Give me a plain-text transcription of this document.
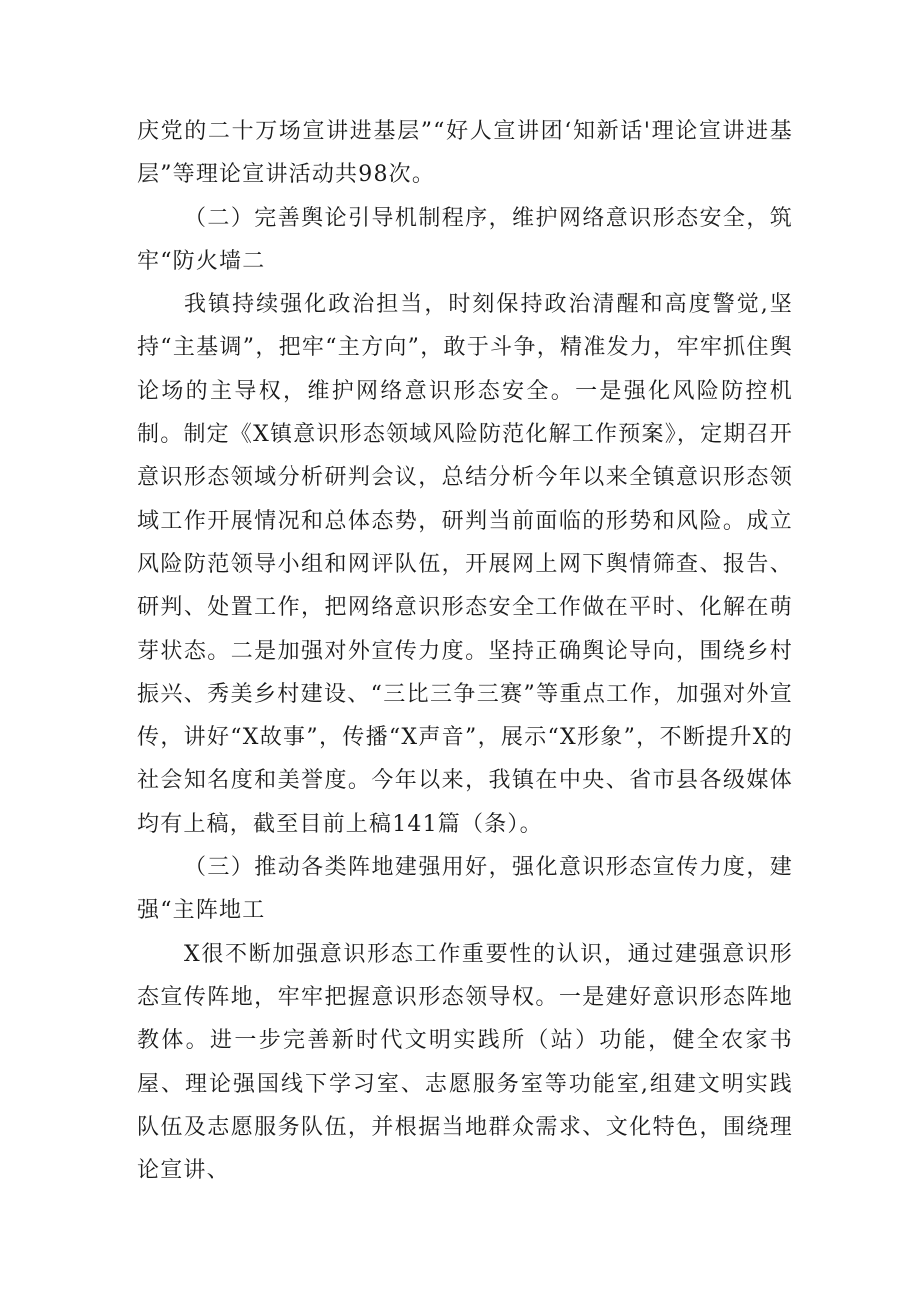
庆党的二十万场宣讲进基层”“好人宣讲团‘知新话'理论宣讲进基层”等理论宣讲活动共98次。

（二）完善舆论引导机制程序，维护网络意识形态安全，筑牢“防火墙二

我镇持续强化政治担当，时刻保持政治清醒和高度警觉,坚持“主基调”，把牢“主方向”，敢于斗争，精准发力，牢牢抓住舆论场的主导权，维护网络意识形态安全。一是强化风险防控机制。制定《X镇意识形态领域风险防范化解工作预案》，定期召开意识形态领域分析研判会议，总结分析今年以来全镇意识形态领域工作开展情况和总体态势，研判当前面临的形势和风险。成立风险防范领导小组和网评队伍，开展网上网下舆情筛查、报告、研判、处置工作，把网络意识形态安全工作做在平时、化解在萌芽状态。二是加强对外宣传力度。坚持正确舆论导向，围绕乡村振兴、秀美乡村建设、“三比三争三赛”等重点工作，加强对外宣传，讲好“X故事”，传播“X声音”，展示“X形象”，不断提升X的社会知名度和美誉度。今年以来，我镇在中央、省市县各级媒体均有上稿，截至目前上稿141篇（条）。

（三）推动各类阵地建强用好，强化意识形态宣传力度，建强“主阵地工

X很不断加强意识形态工作重要性的认识，通过建强意识形态宣传阵地，牢牢把握意识形态领导权。一是建好意识形态阵地教体。进一步完善新时代文明实践所（站）功能，健全农家书屋、理论强国线下学习室、志愿服务室等功能室,组建文明实践队伍及志愿服务队伍，并根据当地群众需求、文化特色，围绕理论宣讲、
